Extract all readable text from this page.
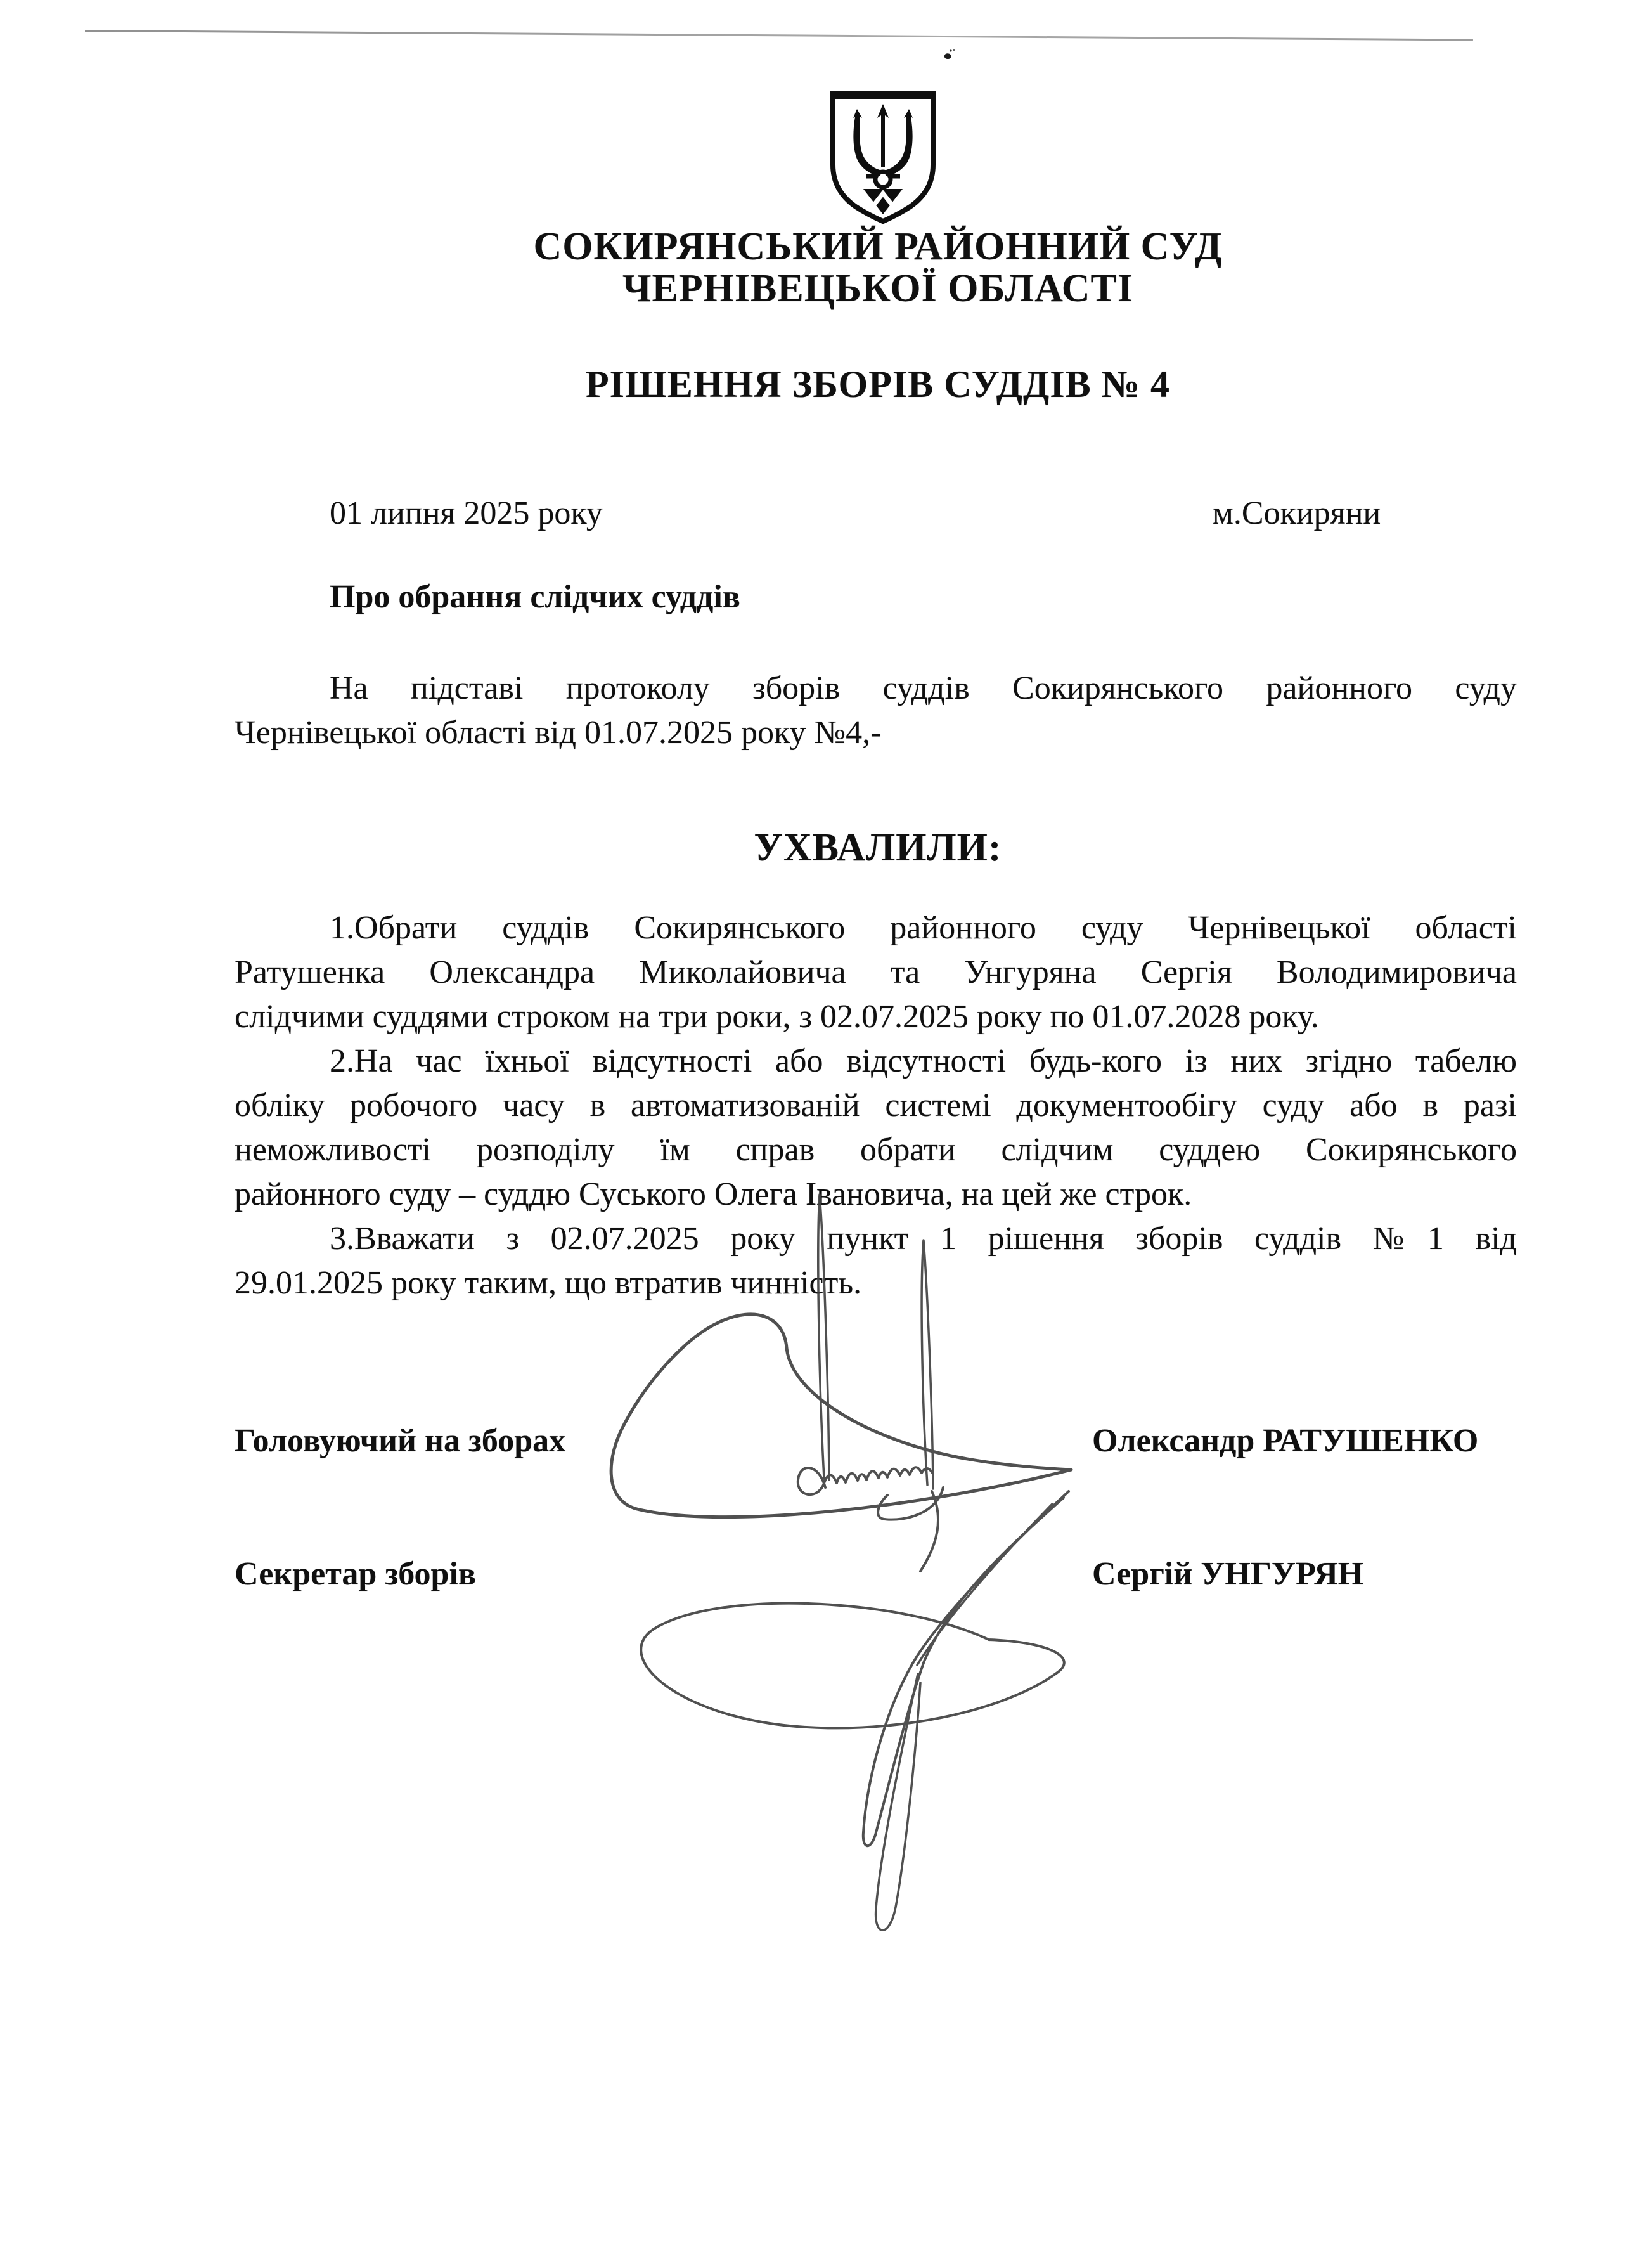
СОКИРЯНСЬКИЙ РАЙОННИЙ СУД
ЧЕРНІВЕЦЬКОЇ ОБЛАСТІ
РІШЕННЯ ЗБОРІВ СУДДІВ № 4
01 липня 2025 року	м.Сокиряни
Про обрання слідчих суддів
На підставі протоколу зборів суддів Сокирянського районного суду
Чернівецької області від 01.07.2025 року №4,-
УХВАЛИЛИ:
1.Обрати суддів Сокирянського районного суду Чернівецької області
Ратушенка Олександра Миколайовича та Унгуряна Сергія Володимировича
слідчими суддями строком на три роки, з 02.07.2025 року по 01.07.2028 року.
2.На час їхньої відсутності або відсутності будь-кого із них згідно табелю
обліку робочого часу в автоматизованій системі документообігу суду або в разі
неможливості розподілу їм справ обрати слідчим суддею Сокирянського
районного суду – суддю Суського Олега Івановича, на цей же строк.
3.Вважати з 02.07.2025 року пункт 1 рішення зборів суддів №1 від
29.01.2025 року таким, що втратив чинність.
Головуючий на зборах	Олександр РАТУШЕНКО
Секретар зборів	Сергій УНГУРЯН
